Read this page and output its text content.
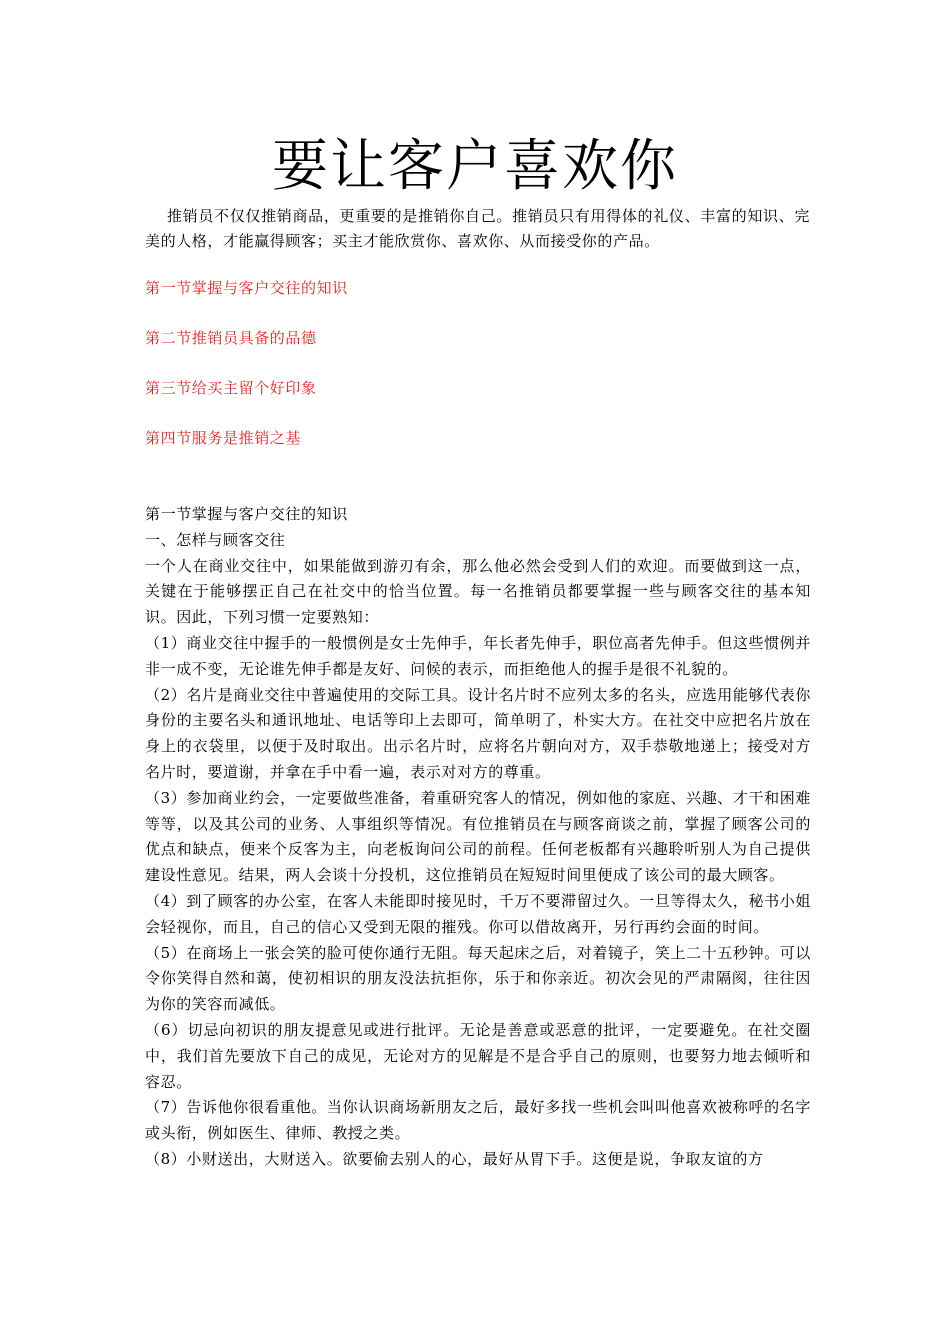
要让客户喜欢你

推销员不仅仅推销商品，更重要的是推销你自己。推销员只有用得体的礼仪、丰富的知识、完美的人格，才能赢得顾客；买主才能欣赏你、喜欢你、从而接受你的产品。

第一节掌握与客户交往的知识
第二节推销员具备的品德
第三节给买主留个好印象
第四节服务是推销之基

第一节掌握与客户交往的知识

一、怎样与顾客交往

一个人在商业交往中，如果能做到游刃有余，那么他必然会受到人们的欢迎。而要做到这一点，关键在于能够摆正自己在社交中的恰当位置。每一名推销员都要掌握一些与顾客交往的基本知识。因此，下列习惯一定要熟知：

（1）商业交往中握手的一般惯例是女士先伸手，年长者先伸手，职位高者先伸手。但这些惯例并非一成不变，无论谁先伸手都是友好、问候的表示，而拒绝他人的握手是很不礼貌的。

（2）名片是商业交往中普遍使用的交际工具。设计名片时不应列太多的名头，应选用能够代表你身份的主要名头和通讯地址、电话等印上去即可，简单明了，朴实大方。在社交中应把名片放在身上的衣袋里，以便于及时取出。出示名片时，应将名片朝向对方，双手恭敬地递上；接受对方名片时，要道谢，并拿在手中看一遍，表示对对方的尊重。

（3）参加商业约会，一定要做些准备，着重研究客人的情况，例如他的家庭、兴趣、才干和困难等等，以及其公司的业务、人事组织等情况。有位推销员在与顾客商谈之前，掌握了顾客公司的优点和缺点，便来个反客为主，向老板询问公司的前程。任何老板都有兴趣聆听别人为自己提供建设性意见。结果，两人会谈十分投机，这位推销员在短短时间里便成了该公司的最大顾客。

（4）到了顾客的办公室，在客人未能即时接见时，千万不要滞留过久。一旦等得太久，秘书小姐会轻视你，而且，自己的信心又受到无限的摧残。你可以借故离开，另行再约会面的时间。

（5）在商场上一张会笑的脸可使你通行无阻。每天起床之后，对着镜子，笑上二十五秒钟。可以令你笑得自然和蔼，使初相识的朋友没法抗拒你，乐于和你亲近。初次会见的严肃隔阂，往往因为你的笑容而减低。

（6）切忌向初识的朋友提意见或进行批评。无论是善意或恶意的批评，一定要避免。在社交圈中，我们首先要放下自己的成见，无论对方的见解是不是合乎自己的原则，也要努力地去倾听和容忍。

（7）告诉他你很看重他。当你认识商场新朋友之后，最好多找一些机会叫叫他喜欢被称呼的名字或头衔，例如医生、律师、教授之类。

（8）小财送出，大财送入。欲要偷去别人的心，最好从胃下手。这便是说，争取友谊的方
